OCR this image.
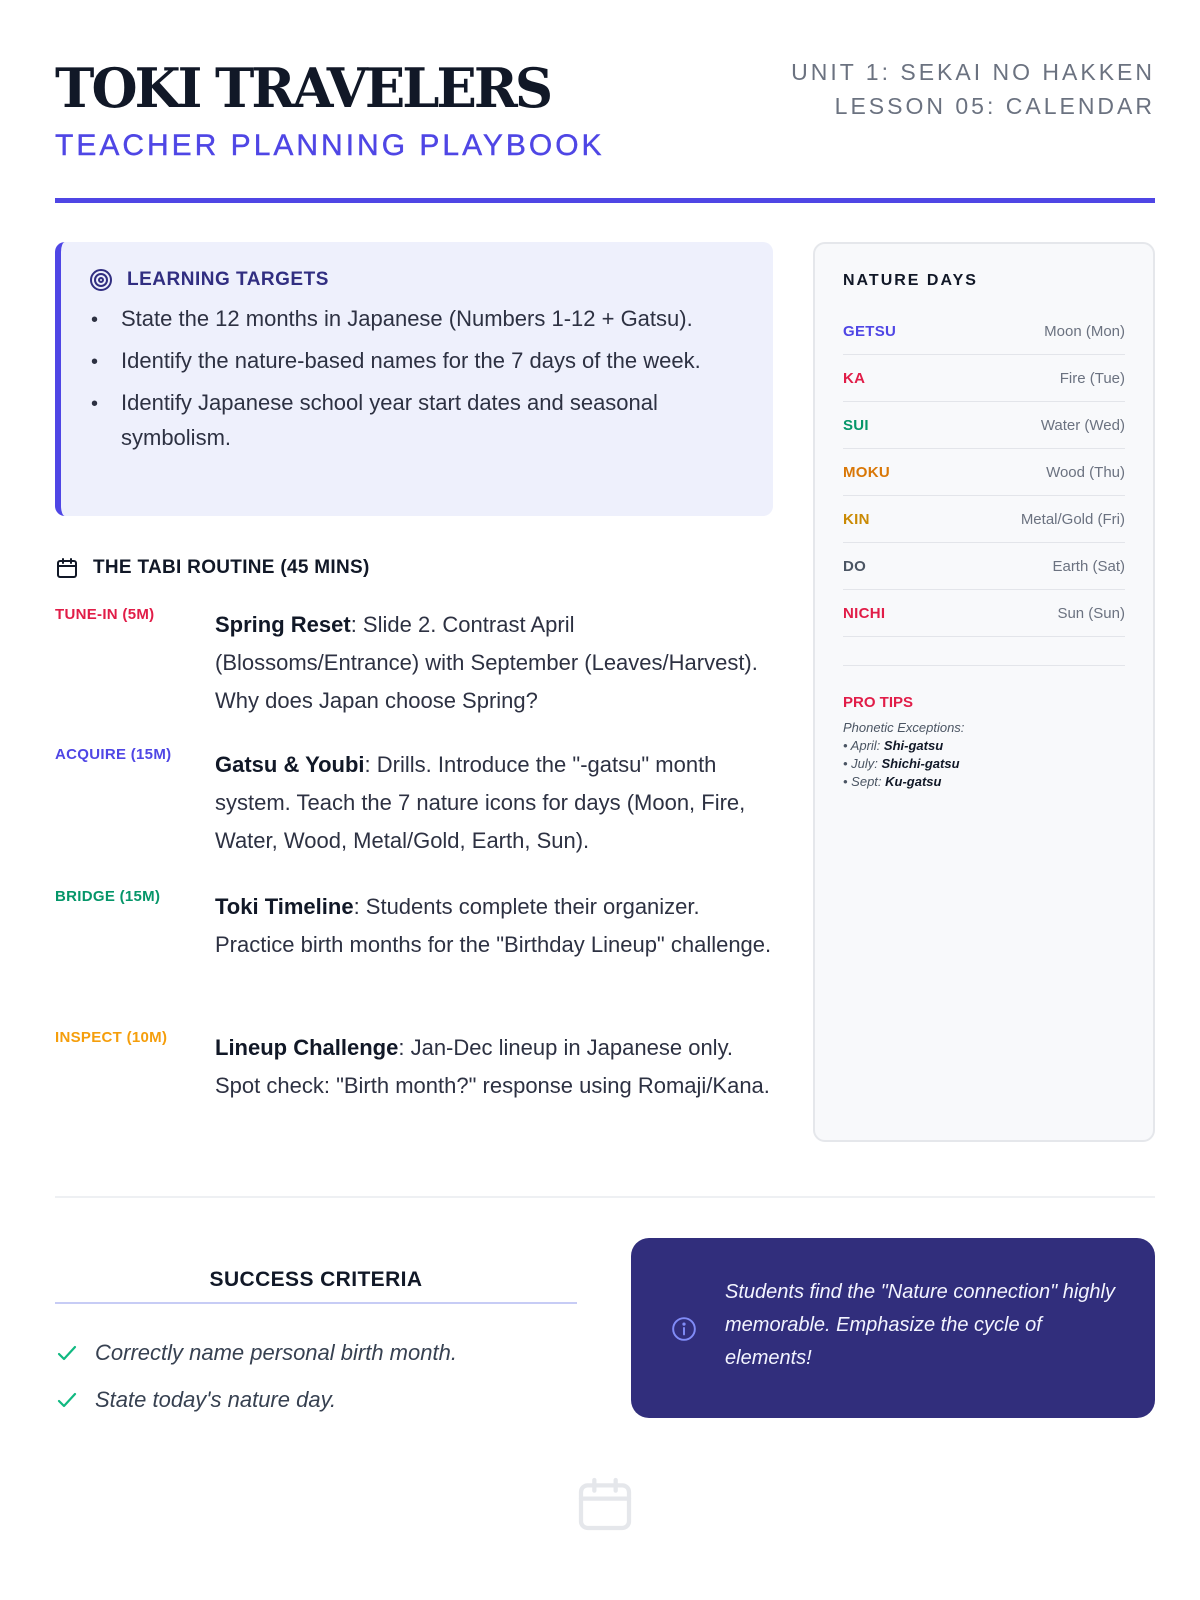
TOKI TRAVELERS
TEACHER PLANNING PLAYBOOK
UNIT 1: SEKAI NO HAKKEN
LESSON 05: CALENDAR
LEARNING TARGETS
• State the 12 months in Japanese (Numbers 1-12 + Gatsu).
• Identify the nature-based names for the 7 days of the week.
• Identify Japanese school year start dates and seasonal symbolism.
THE TABI ROUTINE (45 MINS)
TUNE-IN (5M)	Spring Reset: Slide 2. Contrast April (Blossoms/Entrance) with September (Leaves/Harvest). Why does Japan choose Spring?
ACQUIRE (15M) Gatsu & Youbi: Drills. Introduce the "-gatsu" month system. Teach the 7 nature icons for days (Moon, Fire, Water, Wood, Metal/Gold, Earth, Sun).
BRIDGE (15M) Toki Timeline: Students complete their organizer. Practice birth months for the "Birthday Lineup" challenge.
INSPECT (10M) Lineup Challenge: Jan-Dec lineup in Japanese only. Spot check: "Birth month?" response using Romaji/Kana.
NATURE DAYS
GETSU	Moon (Mon)
KA	Fire (Tue)
SUI	Water (Wed)
MOKU	Wood (Thu)
KIN	Metal/Gold (Fri)
DO	Earth (Sat)
NICHI	Sun (Sun)
PRO TIPS
Phonetic Exceptions:
• April: Shi-gatsu
• July: Shichi-gatsu
• Sept: Ku-gatsu
SUCCESS CRITERIA
Correctly name personal birth month.
State today's nature day.
Students find the "Nature connection" highly memorable. Emphasize the cycle of elements!
